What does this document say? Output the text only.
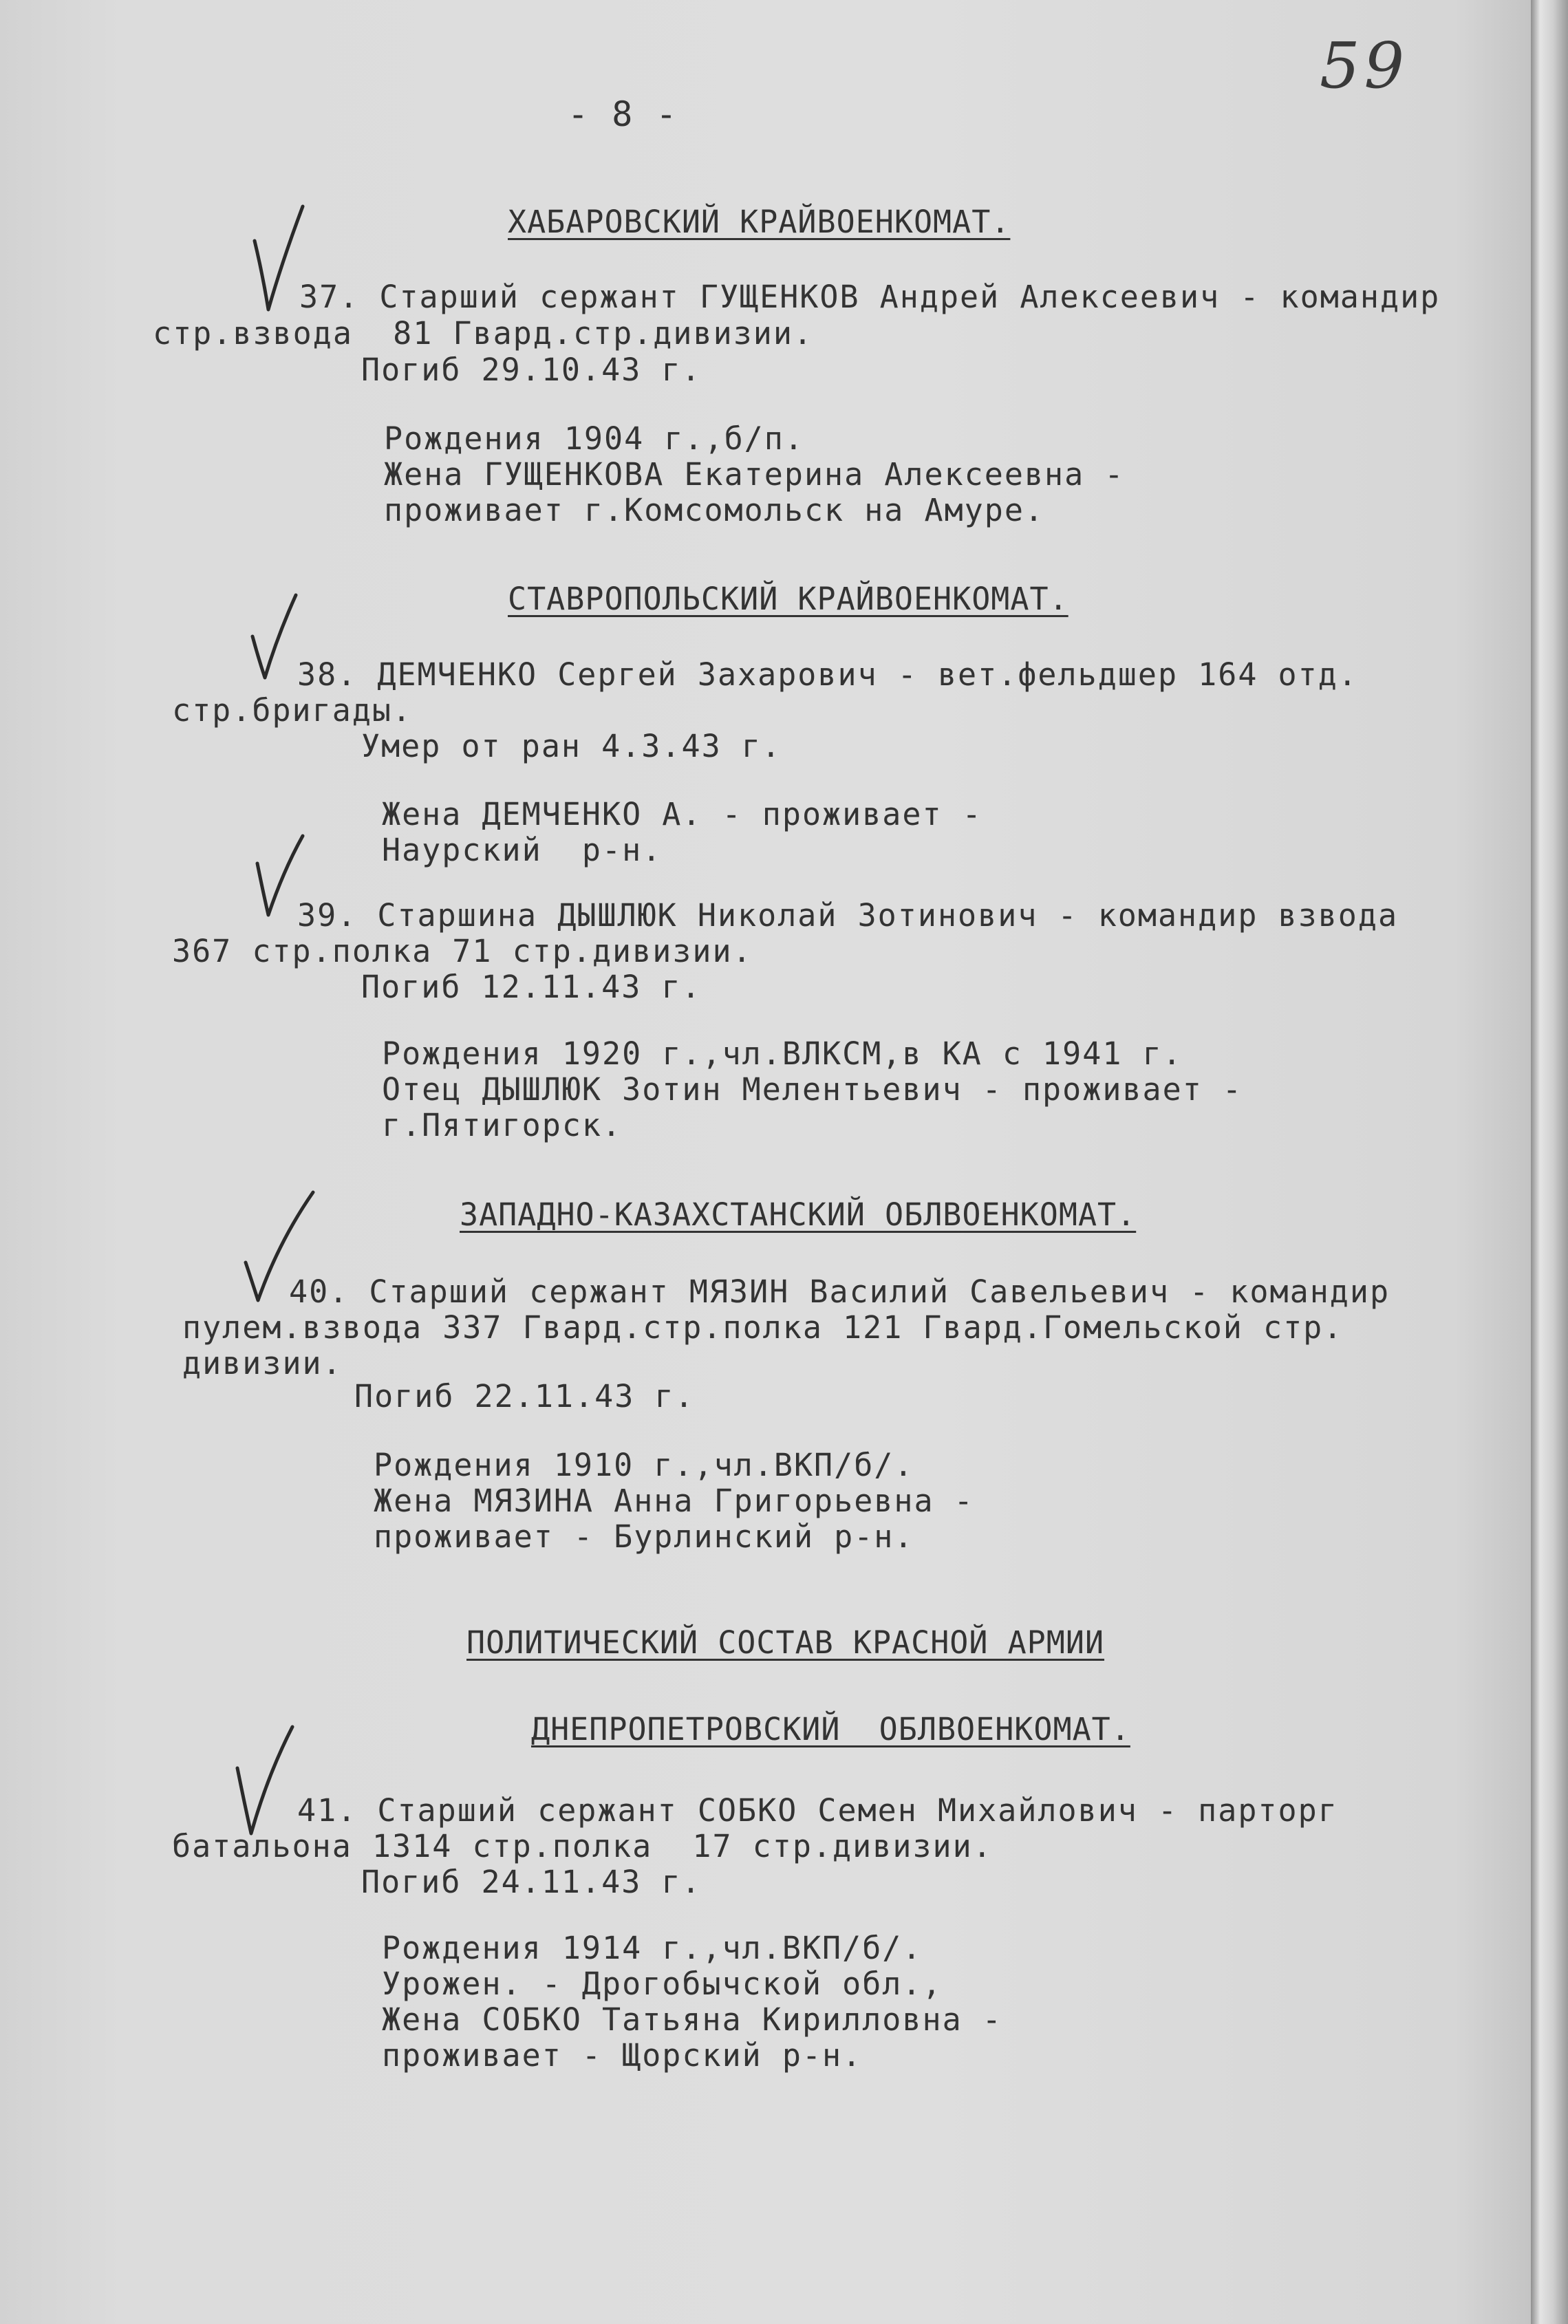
59
- 8 -
ХАБАРОВСКИЙ КРАЙВОЕНКОМАТ.
37. Старший сержант ГУЩЕНКОВ Андрей Алексеевич - командир
стр.взвода  81 Гвард.стр.дивизии.
Погиб 29.10.43 г.
Рождения 1904 г.,б/п.
Жена ГУЩЕНКОВА Екатерина Алексеевна -
проживает г.Комсомольск на Амуре.
СТАВРОПОЛЬСКИЙ КРАЙВОЕНКОМАТ.
38. ДЕМЧЕНКО Сергей Захарович - вет.фельдшер 164 отд.
стр.бригады.
Умер от ран 4.3.43 г.
Жена ДЕМЧЕНКО А. - проживает -
Наурский  р-н.
39. Старшина ДЫШЛЮК Николай Зотинович - командир взвода
367 стр.полка 71 стр.дивизии.
Погиб 12.11.43 г.
Рождения 1920 г.,чл.ВЛКСМ,в КА с 1941 г.
Отец ДЫШЛЮК Зотин Мелентьевич - проживает -
г.Пятигорск.
ЗАПАДНО-КАЗАХСТАНСКИЙ ОБЛВОЕНКОМАТ.
40. Старший сержант МЯЗИН Василий Савельевич - командир
пулем.взвода 337 Гвард.стр.полка 121 Гвард.Гомельской стр.
дивизии.
Погиб 22.11.43 г.
Рождения 1910 г.,чл.ВКП/б/.
Жена МЯЗИНА Анна Григорьевна -
проживает - Бурлинский р-н.
ПОЛИТИЧЕСКИЙ СОСТАВ КРАСНОЙ АРМИИ
ДНЕПРОПЕТРОВСКИЙ  ОБЛВОЕНКОМАТ.
41. Старший сержант СОБКО Семен Михайлович - парторг
батальона 1314 стр.полка  17 стр.дивизии.
Погиб 24.11.43 г.
Рождения 1914 г.,чл.ВКП/б/.
Урожен. - Дрогобычской обл.,
Жена СОБКО Татьяна Кирилловна -
проживает - Щорский р-н.
